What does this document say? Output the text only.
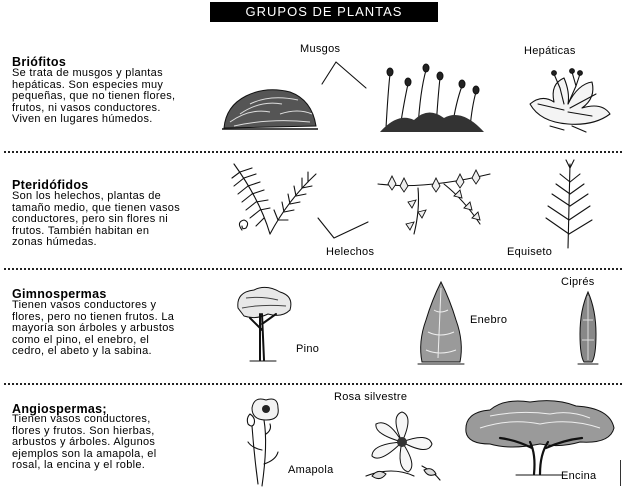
GRUPOS DE PLANTAS
Briófitos
Se trata de musgos y plantas
hepáticas. Son especies muy
pequeñas, que no tienen flores,
frutos, ni vasos conductores.
Viven en lugares húmedos.
Musgos	Hepáticas
Pteridófidos
Son los helechos, plantas de
tamaño medio, que tienen vasos
conductores, pero sin flores ni
frutos. También habitan en
zonas húmedas.
Helechos	Equiseto
Gimnospermas
Tienen vasos conductores y
flores, pero no tienen frutos. La
mayoría son árboles y arbustos
como el pino, el enebro, el
cedro, el abeto y la sabina.	Pino
Enebro
Ciprés
Angiospermas;
Tienen vasos conductores,
flores y frutos. Son hierbas,
arbustos y árboles. Algunos
ejemplos son la amapola, el
rosal, la encina y el roble.
Rosa silvestre
Amapola	Encina
